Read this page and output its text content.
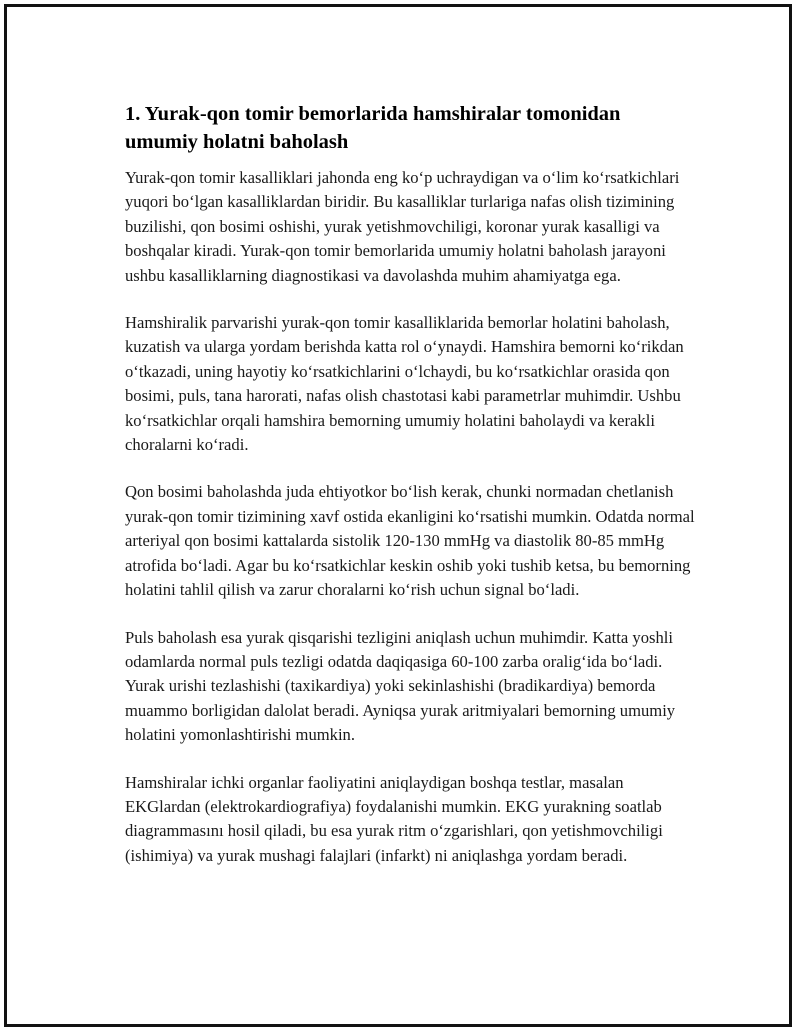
1. Yurak-qon tomir bemorlarida hamshiralar tomonidan umumiy holatni baholash

Yurak-qon tomir kasalliklari jahonda eng koʻp uchraydigan va oʻlim koʻrsatkichlari yuqori boʻlgan kasalliklardan biridir. Bu kasalliklar turlariga nafas olish tizimining buzilishi, qon bosimi oshishi, yurak yetishmovchiligi, koronar yurak kasalligi va boshqalar kiradi. Yurak-qon tomir bemorlarida umumiy holatni baholash jarayoni ushbu kasalliklarning diagnostikasi va davolashda muhim ahamiyatga ega.

Hamshiralik parvarishi yurak-qon tomir kasalliklarida bemorlar holatini baholash, kuzatish va ularga yordam berishda katta rol oʻynaydi. Hamshira bemorni koʻrikdan oʻtkazadi, uning hayotiy koʻrsatkichlarini oʻlchaydi, bu koʻrsatkichlar orasida qon bosimi, puls, tana harorati, nafas olish chastotasi kabi parametrlar muhimdir. Ushbu koʻrsatkichlar orqali hamshira bemorning umumiy holatini baholaydi va kerakli choralarni koʻradi.

Qon bosimi baholashda juda ehtiyotkor boʻlish kerak, chunki normadan chetlanish yurak-qon tomir tizimining xavf ostida ekanligini koʻrsatishi mumkin. Odatda normal arteriyal qon bosimi kattalarda sistolik 120-130 mmHg va diastolik 80-85 mmHg atrofida boʻladi. Agar bu koʻrsatkichlar keskin oshib yoki tushib ketsa, bu bemorning holatini tahlil qilish va zarur choralarni koʻrish uchun signal boʻladi.

Puls baholash esa yurak qisqarishi tezligini aniqlash uchun muhimdir. Katta yoshli odamlarda normal puls tezligi odatda daqiqasiga 60-100 zarba oraligʻida boʻladi. Yurak urishi tezlashishi (taxikardiya) yoki sekinlashishi (bradikardiya) bemorda muammo borligidan dalolat beradi. Ayniqsa yurak aritmiyalari bemorning umumiy holatini yomonlashtirishi mumkin.

Hamshiralar ichki organlar faoliyatini aniqlaydigan boshqa testlar, masalan EKGlardan (elektrokardiografiya) foydalanishi mumkin. EKG yurakning soatlab diagrammasını hosil qiladi, bu esa yurak ritm oʻzgarishlari, qon yetishmovchiligi (ishimiya) va yurak mushagi falajlari (infarkt) ni aniqlashga yordam beradi.
